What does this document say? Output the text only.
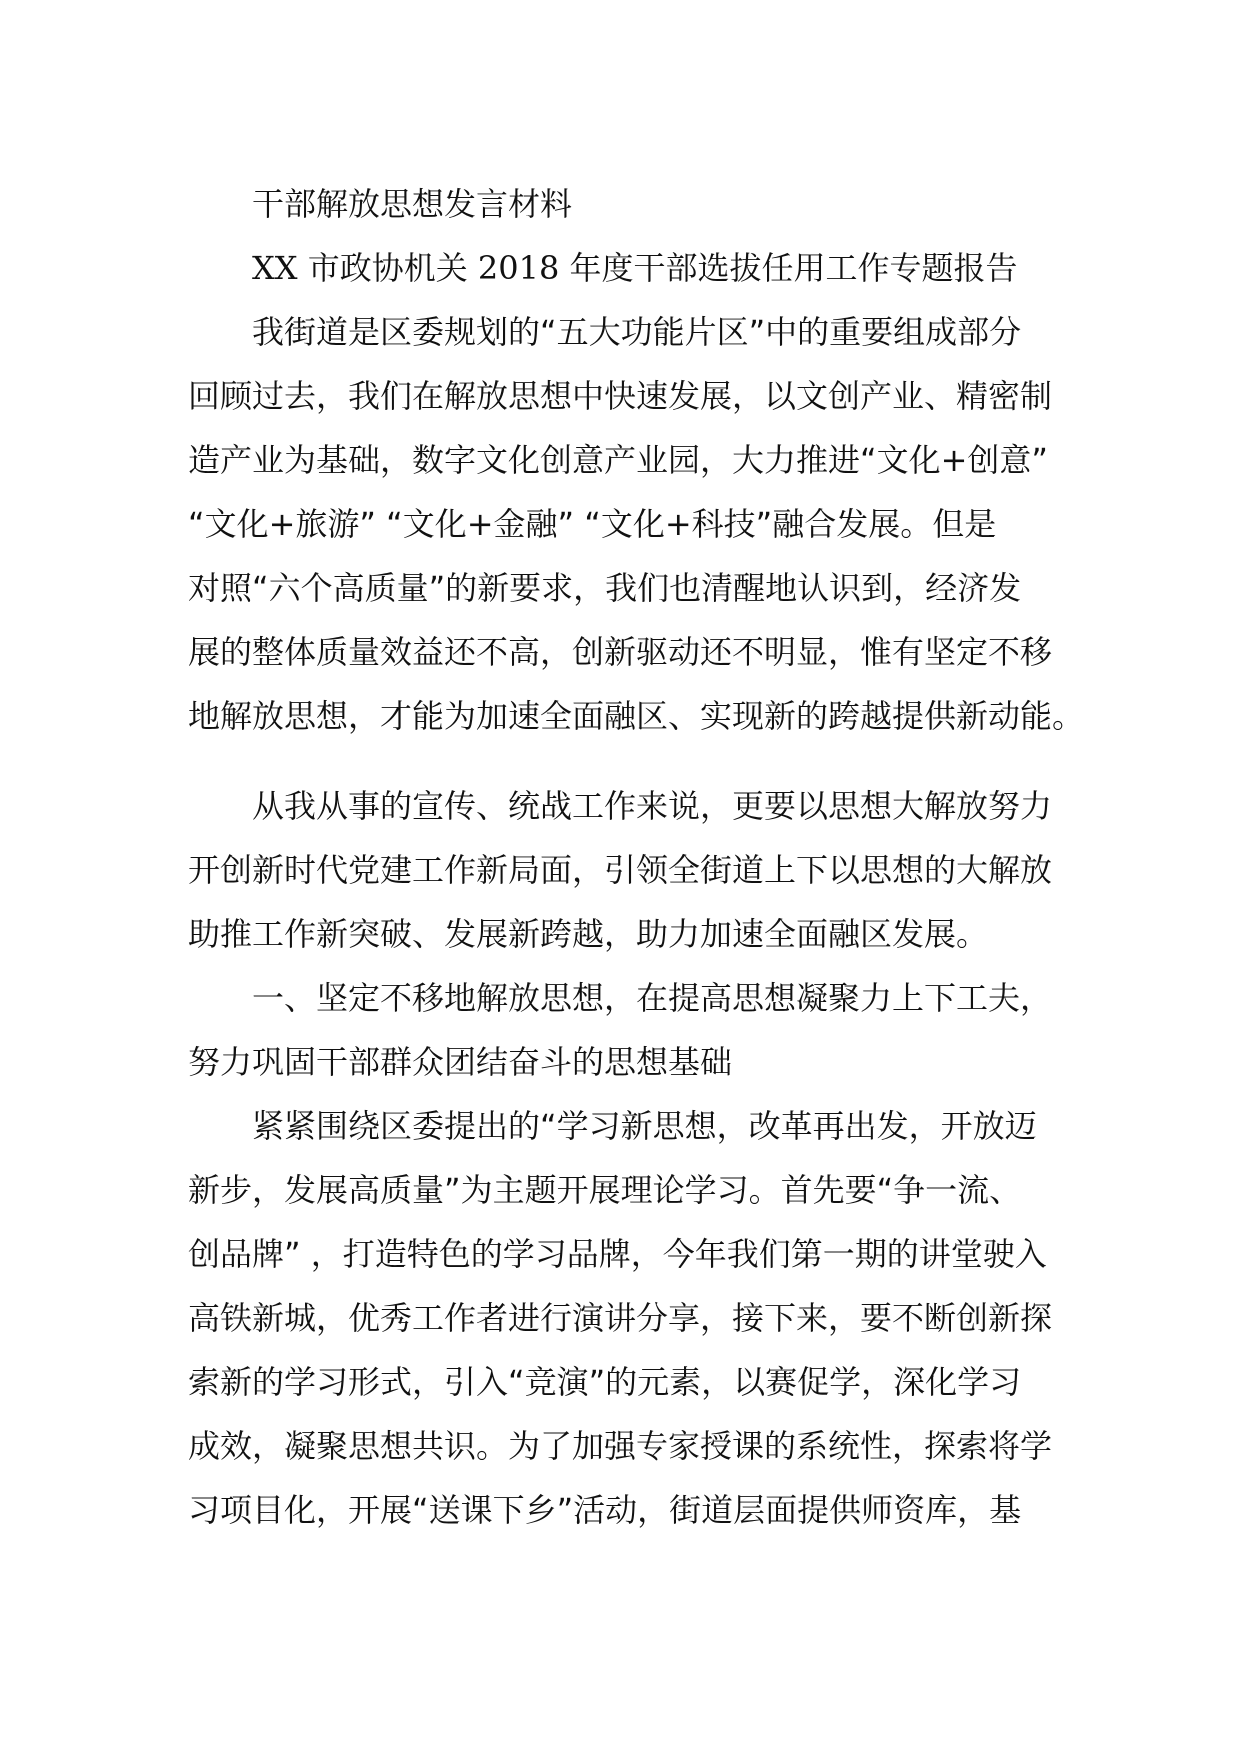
干部解放思想发言材料
XX 市政协机关 2018 年度干部选拔任用工作专题报告
我街道是区委规划的“五大功能片区”中的重要组成部分
回顾过去，我们在解放思想中快速发展，以文创产业、精密制
造产业为基础，数字文化创意产业园，大力推进“文化+创意”
“文化+旅游” “文化+金融” “文化+科技”融合发展。但是
对照“六个高质量”的新要求，我们也清醒地认识到，经济发
展的整体质量效益还不高，创新驱动还不明显，惟有坚定不移
地解放思想，才能为加速全面融区、实现新的跨越提供新动能。
从我从事的宣传、统战工作来说，更要以思想大解放努力
开创新时代党建工作新局面，引领全街道上下以思想的大解放
助推工作新突破、发展新跨越，助力加速全面融区发展。
一、坚定不移地解放思想，在提高思想凝聚力上下工夫，
努力巩固干部群众团结奋斗的思想基础
紧紧围绕区委提出的“学习新思想，改革再出发，开放迈
新步，发展高质量”为主题开展理论学习。首先要“争一流、
创品牌” ，打造特色的学习品牌，今年我们第一期的讲堂驶入
高铁新城，优秀工作者进行演讲分享，接下来，要不断创新探
索新的学习形式，引入“竞演”的元素，以赛促学，深化学习
成效，凝聚思想共识。为了加强专家授课的系统性，探索将学
习项目化，开展“送课下乡”活动，街道层面提供师资库，基
